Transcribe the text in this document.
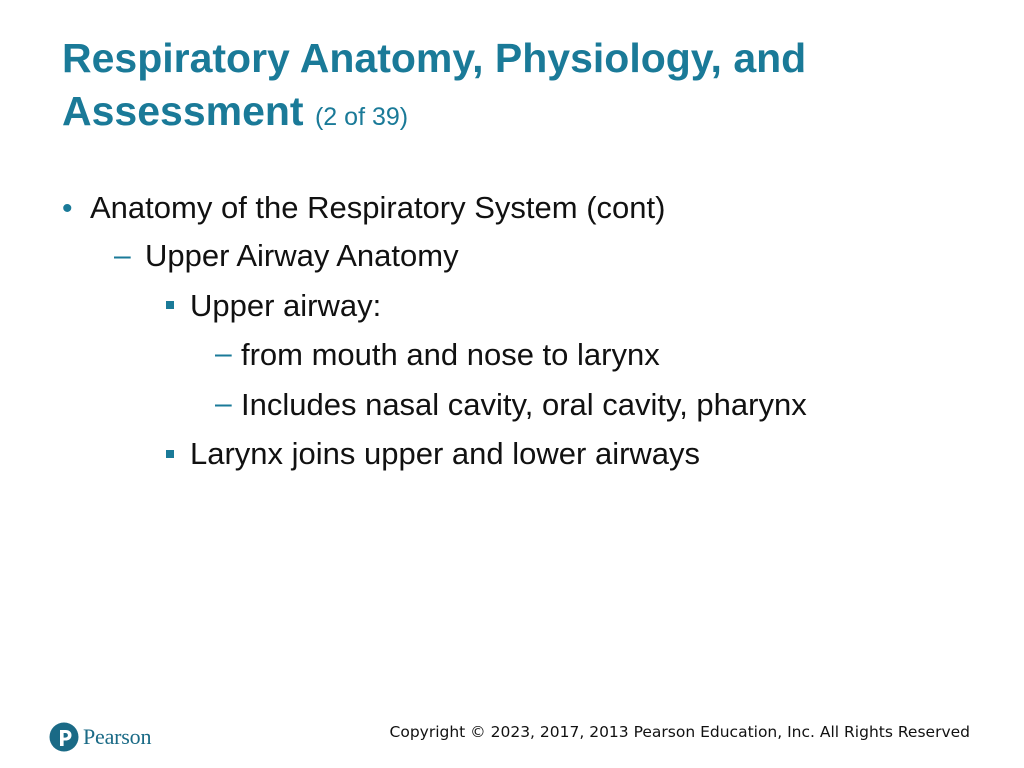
Respiratory Anatomy, Physiology, and Assessment (2 of 39)
• Anatomy of the Respiratory System (cont)
– Upper Airway Anatomy
Upper airway:
– from mouth and nose to larynx
– Includes nasal cavity, oral cavity, pharynx
Larynx joins upper and lower airways
Pearson	Copyright © 2023, 2017, 2013 Pearson Education, Inc. All Rights Reserved
